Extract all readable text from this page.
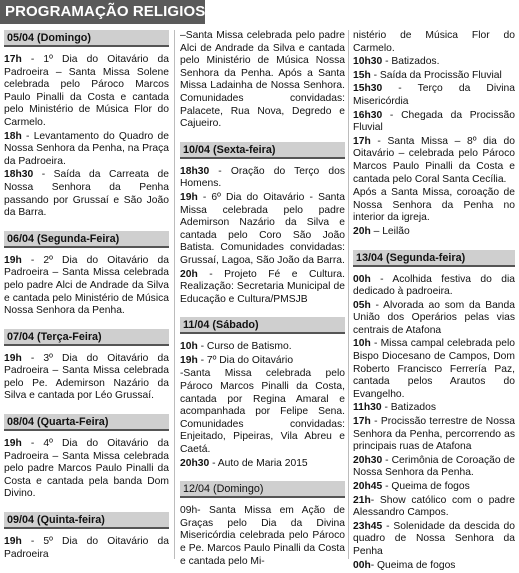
PROGRAMAÇÃO RELIGIOSA
05/04 (Domingo)
17h - 1º Dia do Oitavário da Padroeira – Santa Missa Solene celebrada pelo Pároco Marcos Paulo Pinalli da Costa e cantada pelo Ministério de Música Flor do Carmelo.
18h - Levantamento do Quadro de Nossa Senhora da Penha, na Praça da Padroeira.
18h30 - Saída da Carreata de Nossa Senhora da Penha passando por Grussaí e São João da Barra.
06/04 (Segunda-Feira)
19h - 2º Dia do Oitavário da Padroeira – Santa Missa celebrada pelo padre Alci de Andrade da Silva e cantada pelo Ministério de Música Nossa Senhora da Penha.
07/04 (Terça-Feira)
19h - 3º Dia do Oitavário da Padroeira – Santa Missa celebrada pelo Pe. Ademirson Nazário da Silva e cantada por Léo Grussaí.
08/04 (Quarta-Feira)
19h - 4º Dia do Oitavário da Padroeira – Santa Missa celebrada pelo padre Marcos Paulo Pinalli da Costa e cantada pela banda Dom Divino.
09/04 (Quinta-feira)
19h - 5º Dia do Oitavário da Padroeira
–Santa Missa celebrada pelo padre Alci de Andrade da Silva e cantada pelo Ministério de Música Nossa Senhora da Penha. Após a Santa Missa Ladainha de Nossa Senhora. Comunidades convidadas: Palacete, Rua Nova, Degredo e Cajueiro.
10/04 (Sexta-feira)
18h30 - Oração do Terço dos Homens.
19h - 6º Dia do Oitavário - Santa Missa celebrada pelo padre Ademirson Nazário da Silva e cantada pelo Coro São João Batista. Comunidades convidadas: Grussaí, Lagoa, São João da Barra.
20h - Projeto Fé e Cultura. Realização: Secretaria Municipal de Educação e Cultura/PMSJB
11/04 (Sábado)
10h - Curso de Batismo.
19h - 7º Dia do Oitavário
-Santa Missa celebrada pelo Pároco Marcos Pinalli da Costa, cantada por Regina Amaral e acompanhada por Felipe Sena. Comunidades convidadas: Enjeitado, Pipeiras, Vila Abreu e Caetá.
20h30 - Auto de Maria 2015
12/04 (Domingo)
09h- Santa Missa em Ação de Graças pelo Dia da Divina Misericórdia celebrada pelo Pároco e Pe. Marcos Paulo Pinalli da Costa e cantada pelo Mi-
nistério de Música Flor do Carmelo.
10h30 - Batizados.
15h - Saída da Procissão Fluvial
15h30 - Terço da Divina Misericórdia
16h30 - Chegada da Procissão Fluvial
17h - Santa Missa – 8º dia do Oitavário – celebrada pelo Pároco Marcos Paulo Pinalli da Costa e cantada pelo Coral Santa Cecília.
Após a Santa Missa, coroação de Nossa Senhora da Penha no interior da igreja.
20h – Leilão
13/04 (Segunda-feira)
00h - Acolhida festiva do dia dedicado à padroeira.
05h - Alvorada ao som da Banda União dos Operários pelas vias centrais de Atafona
10h - Missa campal celebrada pelo Bispo Diocesano de Campos, Dom Roberto Francisco Ferrería Paz, cantada pelos Arautos do Evangelho.
11h30 - Batizados
17h - Procissão terrestre de Nossa Senhora da Penha, percorrendo as principais ruas de Atafona
20h30 - Cerimônia de Coroação de Nossa Senhora da Penha.
20h45 - Queima de fogos
21h- Show católico com o padre Alessandro Campos.
23h45 - Solenidade da descida do quadro de Nossa Senhora da Penha
00h- Queima de fogos
